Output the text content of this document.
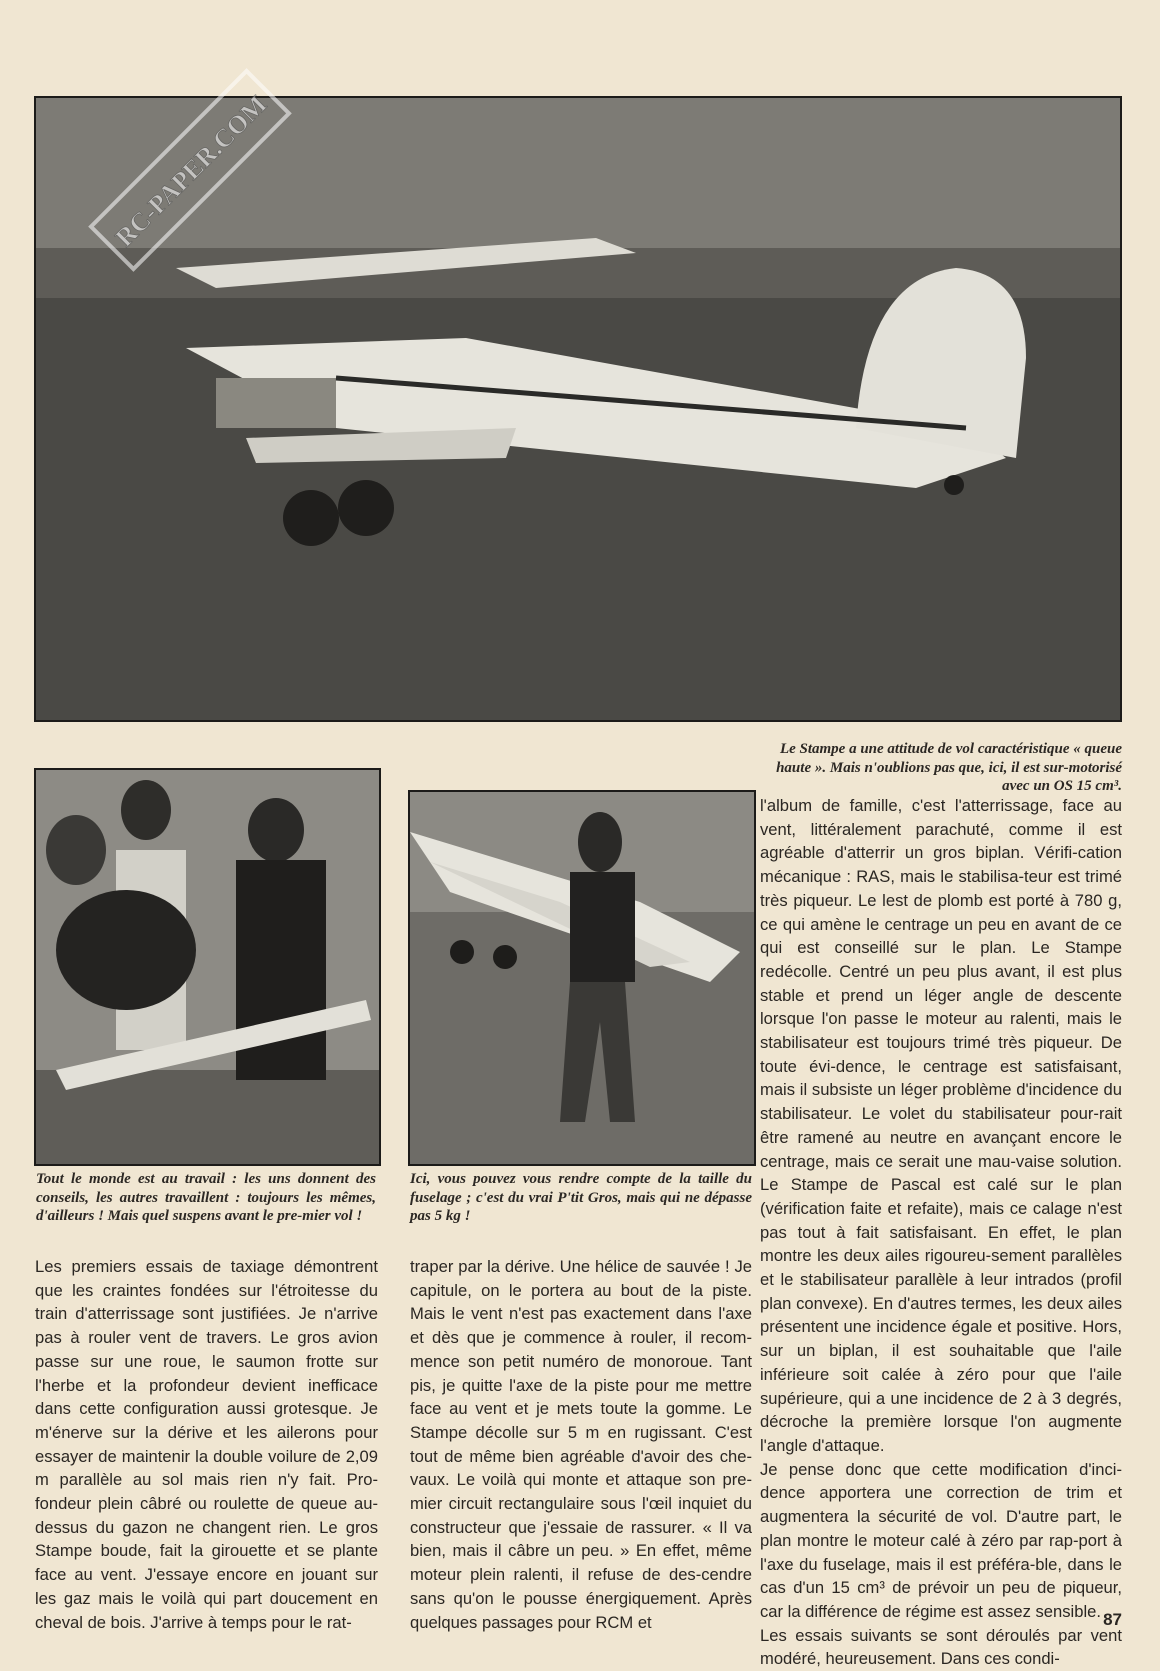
RC-PAPER.COM
Tout le monde est au travail : les uns donnent des conseils, les autres travaillent : toujours les mêmes, d'ailleurs ! Mais quel suspens avant le pre-mier vol !
Ici, vous pouvez vous rendre compte de la taille du fuselage ; c'est du vrai P'tit Gros, mais qui ne dépasse pas 5 kg !
Le Stampe a une attitude de vol caractéristique « queue haute ». Mais n'oublions pas que, ici, il est sur-motorisé avec un OS 15 cm³.

Les premiers essais de taxiage démontrent que les craintes fondées sur l'étroitesse du train d'atterrissage sont justifiées. Je n'arrive pas à rouler vent de travers. Le gros avion passe sur une roue, le saumon frotte sur l'herbe et la profondeur devient inefficace dans cette configuration aussi grotesque. Je m'énerve sur la dérive et les ailerons pour essayer de maintenir la double voilure de 2,09 m parallèle au sol mais rien n'y fait. Pro-fondeur plein câbré ou roulette de queue au-dessus du gazon ne changent rien. Le gros Stampe boude, fait la girouette et se plante face au vent. J'essaye encore en jouant sur les gaz mais le voilà qui part doucement en cheval de bois. J'arrive à temps pour le rat-

traper par la dérive. Une hélice de sauvée ! Je capitule, on le portera au bout de la piste. Mais le vent n'est pas exactement dans l'axe et dès que je commence à rouler, il recom-mence son petit numéro de monoroue. Tant pis, je quitte l'axe de la piste pour me mettre face au vent et je mets toute la gomme. Le Stampe décolle sur 5 m en rugissant. C'est tout de même bien agréable d'avoir des che-vaux. Le voilà qui monte et attaque son pre-mier circuit rectangulaire sous l'œil inquiet du constructeur que j'essaie de rassurer. « Il va bien, mais il câbre un peu. » En effet, même moteur plein ralenti, il refuse de des-cendre sans qu'on le pousse énergiquement. Après quelques passages pour RCM et

l'album de famille, c'est l'atterrissage, face au vent, littéralement parachuté, comme il est agréable d'atterrir un gros biplan. Vérifi-cation mécanique : RAS, mais le stabilisa-teur est trimé très piqueur. Le lest de plomb est porté à 780 g, ce qui amène le centrage un peu en avant de ce qui est conseillé sur le plan. Le Stampe redécolle. Centré un peu plus avant, il est plus stable et prend un léger angle de descente lorsque l'on passe le moteur au ralenti, mais le stabilisateur est toujours trimé très piqueur. De toute évi-dence, le centrage est satisfaisant, mais il subsiste un léger problème d'incidence du stabilisateur. Le volet du stabilisateur pour-rait être ramené au neutre en avançant encore le centrage, mais ce serait une mau-vaise solution. Le Stampe de Pascal est calé sur le plan (vérification faite et refaite), mais ce calage n'est pas tout à fait satisfaisant. En effet, le plan montre les deux ailes rigoureu-sement parallèles et le stabilisateur parallèle à leur intrados (profil plan convexe). En d'autres termes, les deux ailes présentent une incidence égale et positive. Hors, sur un biplan, il est souhaitable que l'aile inférieure soit calée à zéro pour que l'aile supérieure, qui a une incidence de 2 à 3 degrés, décroche la première lorsque l'on augmente l'angle d'attaque.

Je pense donc que cette modification d'inci-dence apportera une correction de trim et augmentera la sécurité de vol. D'autre part, le plan montre le moteur calé à zéro par rap-port à l'axe du fuselage, mais il est préféra-ble, dans le cas d'un 15 cm³ de prévoir un peu de piqueur, car la différence de régime est assez sensible.

Les essais suivants se sont déroulés par vent modéré, heureusement. Dans ces condi-

87
